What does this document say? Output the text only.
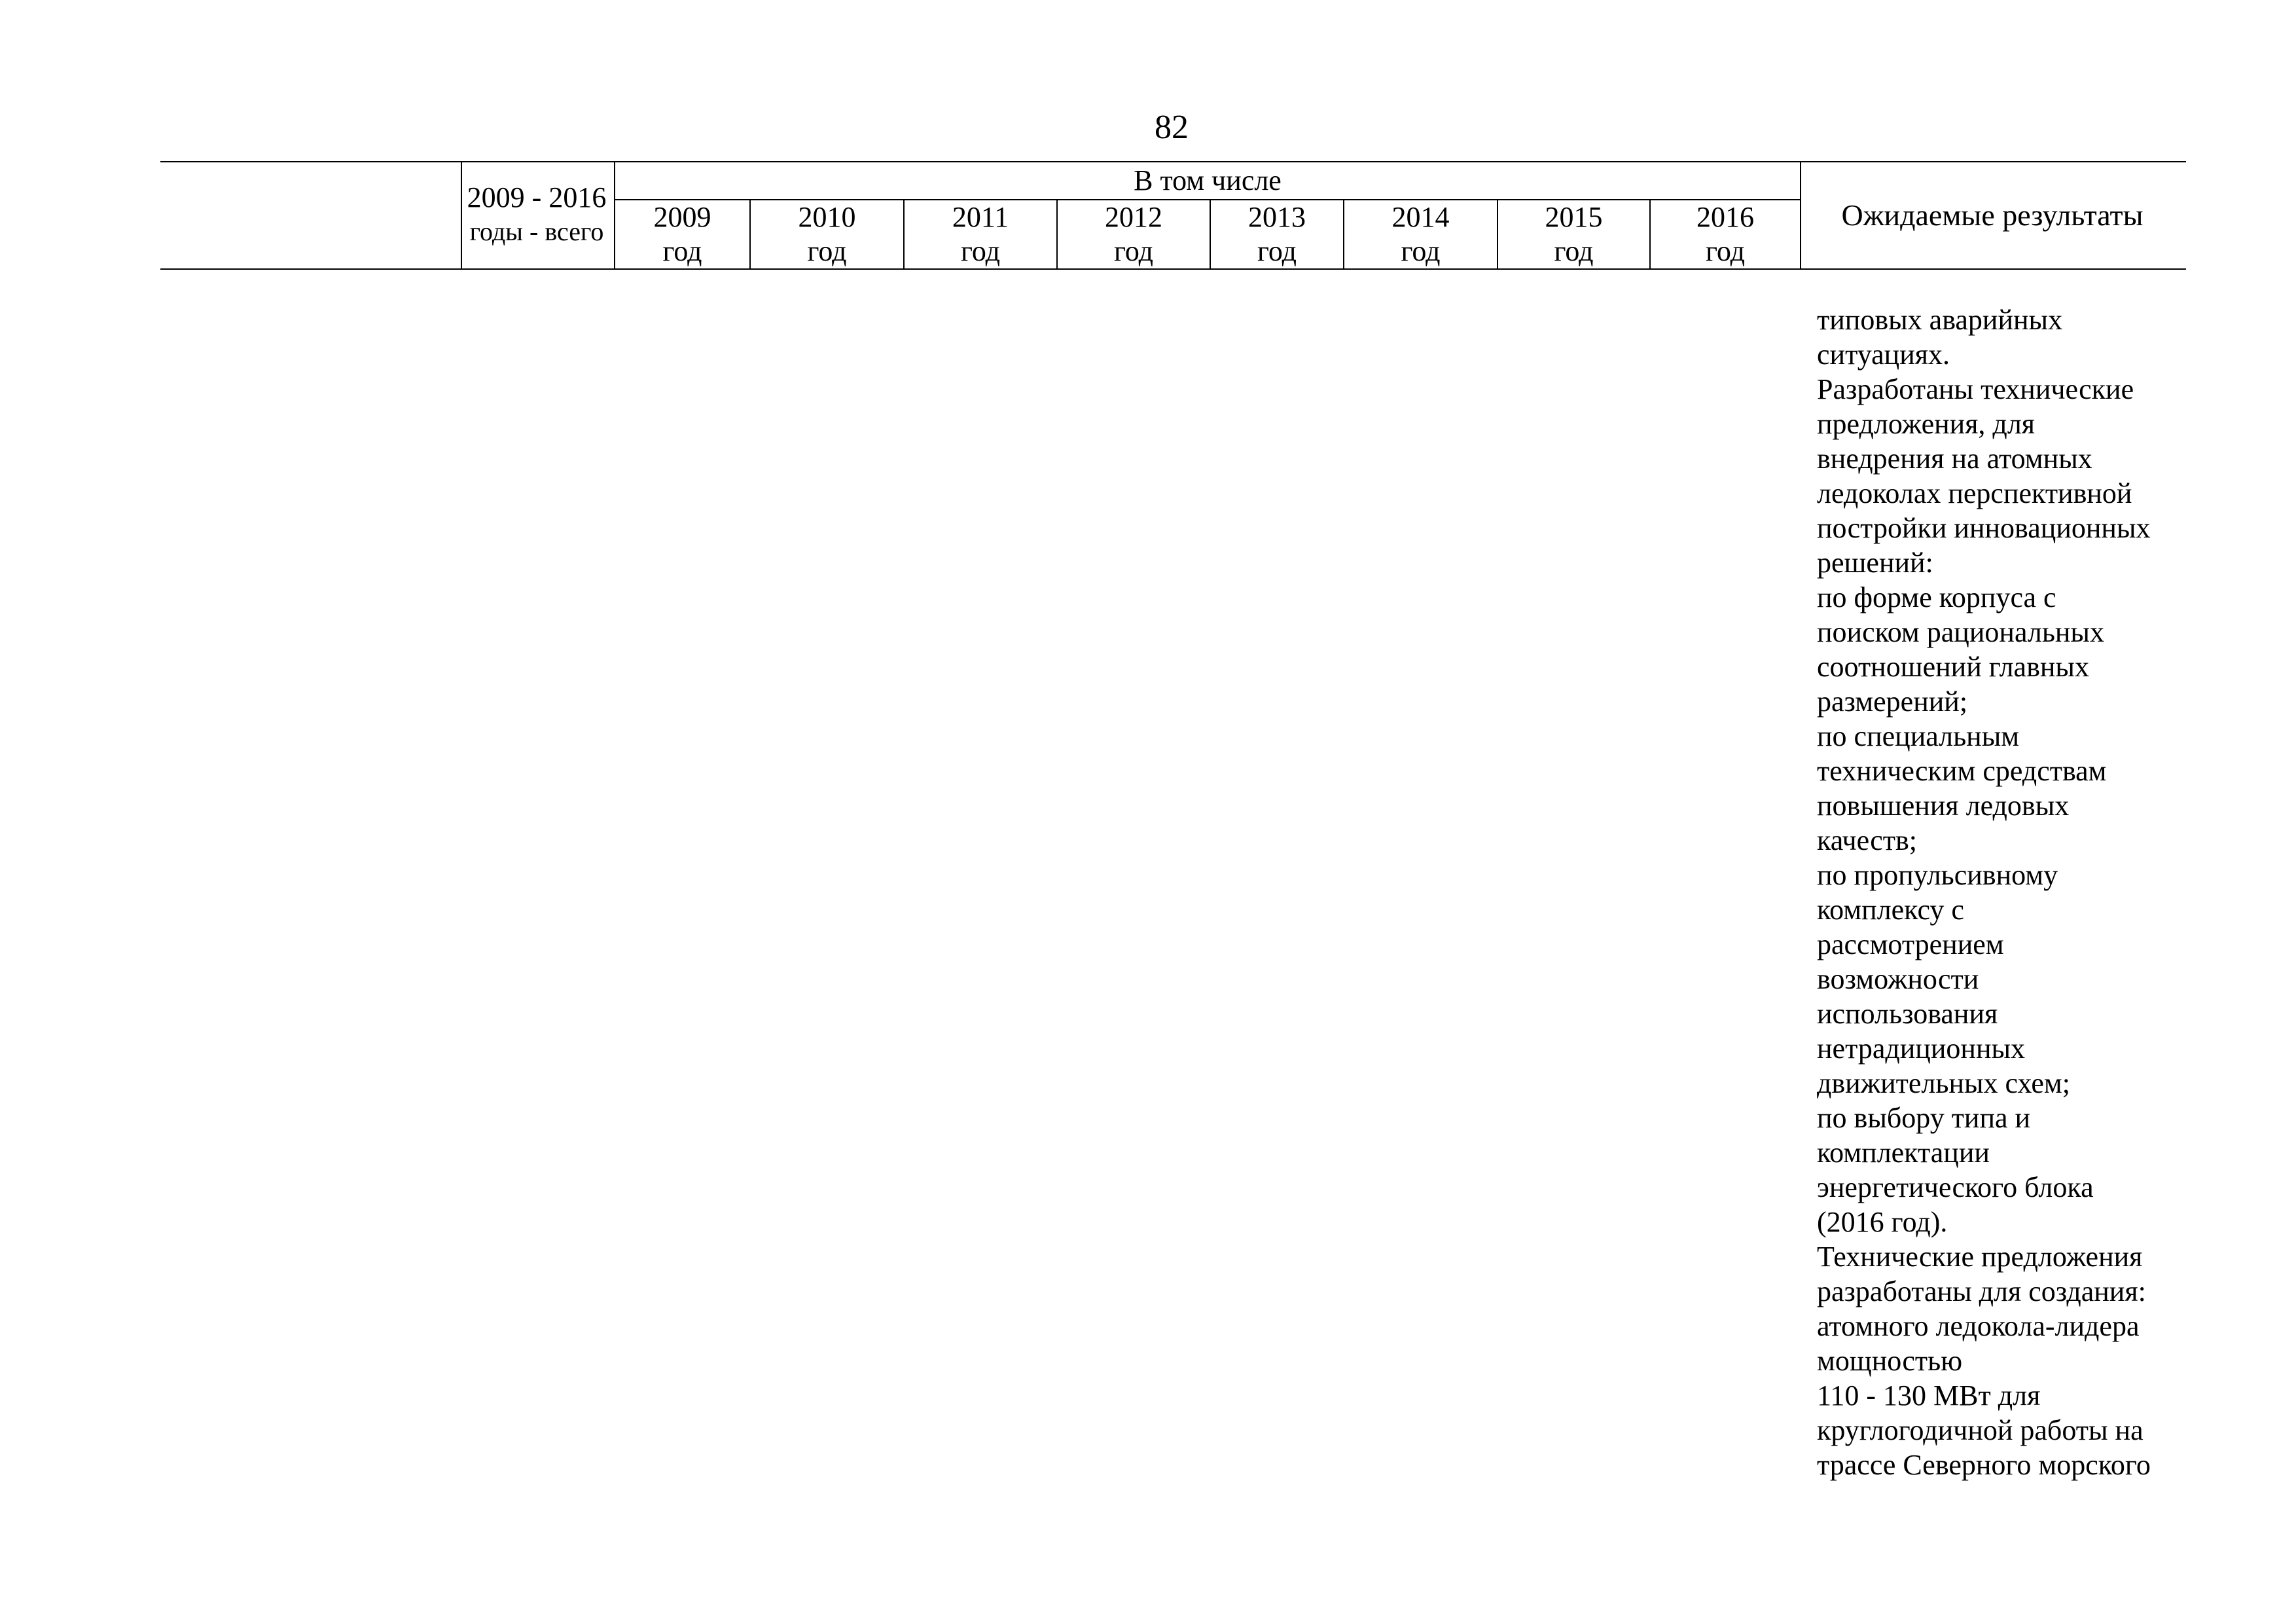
82
2009 - 2016
годы - всего
В том числе
2009
год
2010
год
2011
год
2012
год
2013
год
2014
год
2015
год
2016
год
Ожидаемые результаты
типовых аварийных
ситуациях.
Разработаны технические
предложения, для
внедрения на атомных
ледоколах перспективной
постройки инновационных
решений:
по форме корпуса с
поиском рациональных
соотношений главных
размерений;
по специальным
техническим средствам
повышения ледовых
качеств;
по пропульсивному
комплексу с
рассмотрением
возможности
использования
нетрадиционных
движительных схем;
по выбору типа и
комплектации
энергетического блока
(2016 год).
Технические предложения
разработаны для создания:
атомного ледокола-лидера
мощностью
110 - 130 МВт для
круглогодичной работы на
трассе Северного морского
